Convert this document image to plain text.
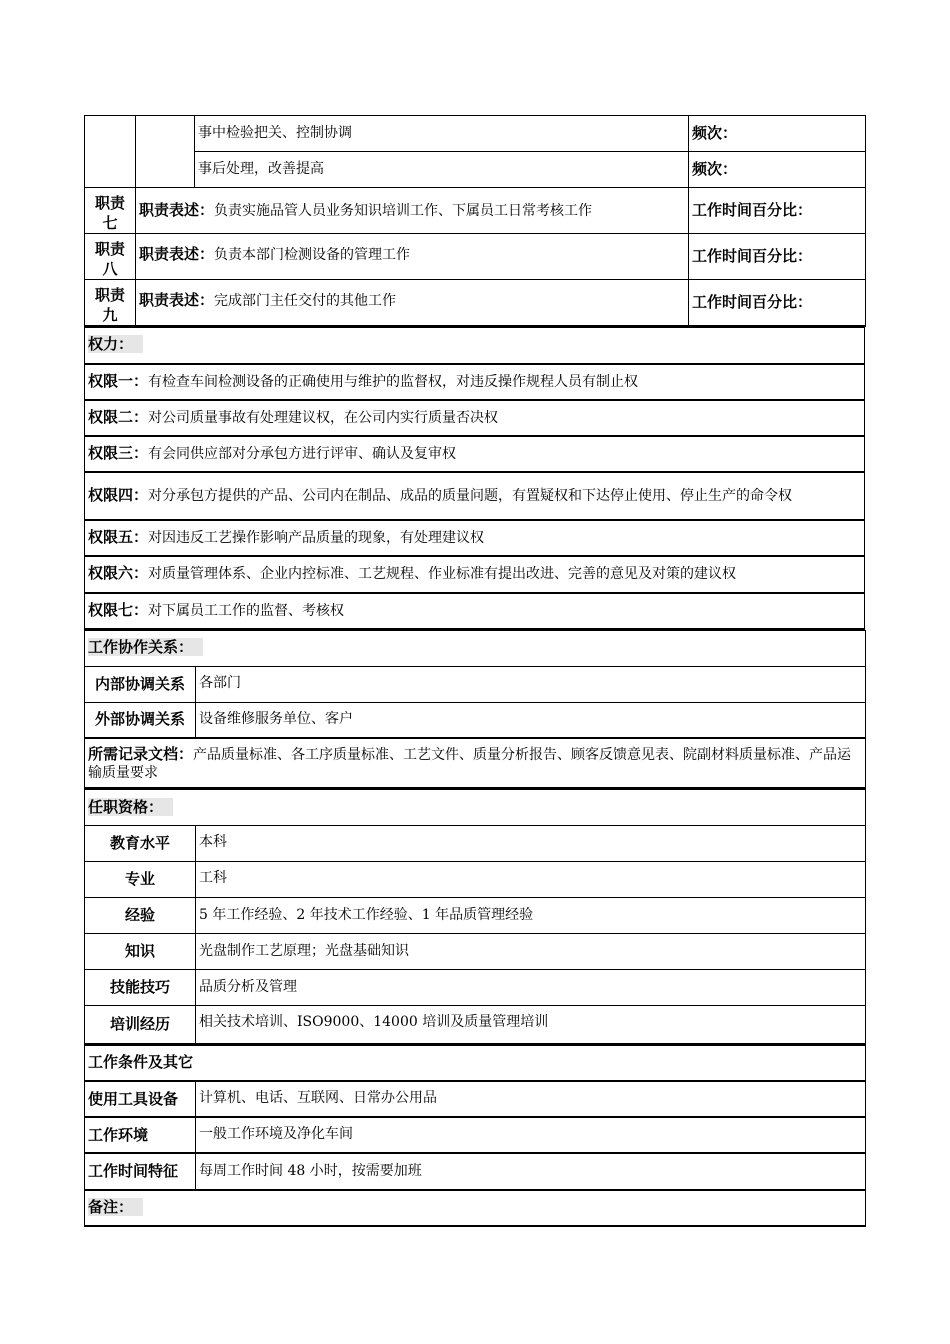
		事中检验把关、控制协调	频次：
		事后处理，改善提高	频次：
职责七	职责表述：负责实施品管人员业务知识培训工作、下属员工日常考核工作		工作时间百分比：
职责八	职责表述：负责本部门检测设备的管理工作		工作时间百分比：
职责九	职责表述：完成部门主任交付的其他工作		工作时间百分比：
权力：
权限一：有检查车间检测设备的正确使用与维护的监督权，对违反操作规程人员有制止权
权限二：对公司质量事故有处理建议权，在公司内实行质量否决权
权限三：有会同供应部对分承包方进行评审、确认及复审权
权限四：对分承包方提供的产品、公司内在制品、成品的质量问题，有置疑权和下达停止使用、停止生产的命令权
权限五：对因违反工艺操作影响产品质量的现象，有处理建议权
权限六：对质量管理体系、企业内控标准、工艺规程、作业标准有提出改进、完善的意见及对策的建议权
权限七：对下属员工工作的监督、考核权
工作协作关系：	
内部协调关系	各部门
外部协调关系	设备维修服务单位、客户
所需记录文档：产品质量标准、各工序质量标准、工艺文件、质量分析报告、顾客反馈意见表、院副材料质量标准、产品运输质量要求	
任职资格：	
教育水平	本科
专业	工科
经验	5 年工作经验、2 年技术工作经验、1 年品质管理经验
知识	光盘制作工艺原理；光盘基础知识
技能技巧	品质分析及管理
培训经历	相关技术培训、ISO9000、14000 培训及质量管理培训
工作条件及其它	
使用工具设备	计算机、电话、互联网、日常办公用品
工作环境	一般工作环境及净化车间
工作时间特征	每周工作时间 48 小时，按需要加班
备注：	
